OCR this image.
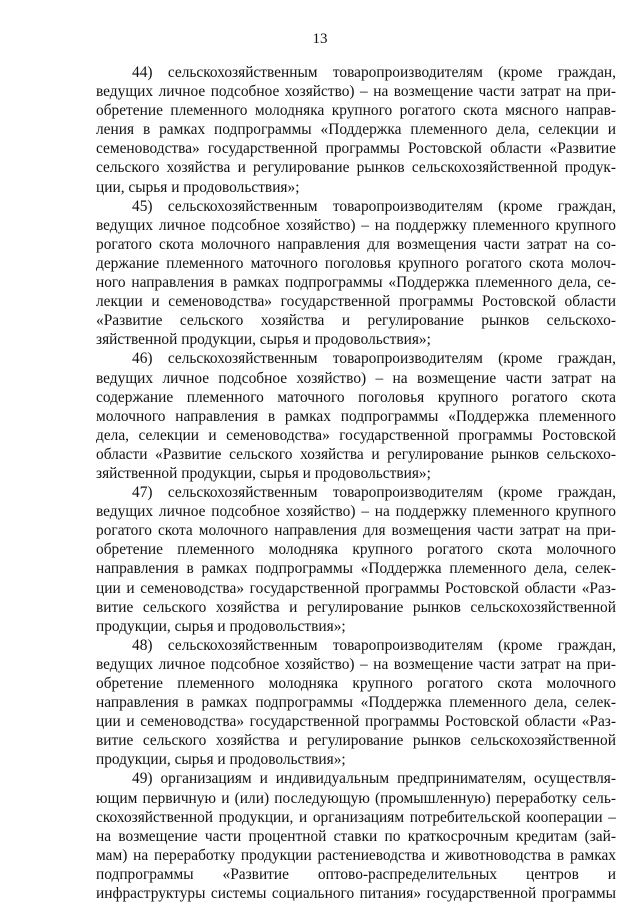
13
44) сельскохозяйственным товаропроизводителям (кроме граждан,
ведущих личное подсобное хозяйство) – на возмещение части затрат на при-
обретение племенного молодняка крупного рогатого скота мясного направ-
ления в рамках подпрограммы «Поддержка племенного дела, селекции и
семеноводства» государственной программы Ростовской области «Развитие
сельского хозяйства и регулирование рынков сельскохозяйственной продук-
ции, сырья и продовольствия»;
45) сельскохозяйственным товаропроизводителям (кроме граждан,
ведущих личное подсобное хозяйство) – на поддержку племенного крупного
рогатого скота молочного направления для возмещения части затрат на со-
держание племенного маточного поголовья крупного рогатого скота молоч-
ного направления в рамках подпрограммы «Поддержка племенного дела, се-
лекции и семеноводства» государственной программы Ростовской области
«Развитие сельского хозяйства и регулирование рынков сельскохо-
зяйственной продукции, сырья и продовольствия»;
46) сельскохозяйственным товаропроизводителям (кроме граждан,
ведущих личное подсобное хозяйство) – на возмещение части затрат на
содержание племенного маточного поголовья крупного рогатого скота
молочного направления в рамках подпрограммы «Поддержка племенного
дела, селекции и семеноводства» государственной программы Ростовской
области «Развитие сельского хозяйства и регулирование рынков сельскохо-
зяйственной продукции, сырья и продовольствия»;
47) сельскохозяйственным товаропроизводителям (кроме граждан,
ведущих личное подсобное хозяйство) – на поддержку племенного крупного
рогатого скота молочного направления для возмещения части затрат на при-
обретение племенного молодняка крупного рогатого скота молочного
направления в рамках подпрограммы «Поддержка племенного дела, селек-
ции и семеноводства» государственной программы Ростовской области «Раз-
витие сельского хозяйства и регулирование рынков сельскохозяйственной
продукции, сырья и продовольствия»;
48) сельскохозяйственным товаропроизводителям (кроме граждан,
ведущих личное подсобное хозяйство) – на возмещение части затрат на при-
обретение племенного молодняка крупного рогатого скота молочного
направления в рамках подпрограммы «Поддержка племенного дела, селек-
ции и семеноводства» государственной программы Ростовской области «Раз-
витие сельского хозяйства и регулирование рынков сельскохозяйственной
продукции, сырья и продовольствия»;
49) организациям и индивидуальным предпринимателям, осуществля-
ющим первичную и (или) последующую (промышленную) переработку сель-
скохозяйственной продукции, и организациям потребительской кооперации –
на возмещение части процентной ставки по краткосрочным кредитам (зай-
мам) на переработку продукции растениеводства и животноводства в рамках
подпрограммы «Развитие оптово-распределительных центров и
инфраструктуры системы социального питания» государственной программы
